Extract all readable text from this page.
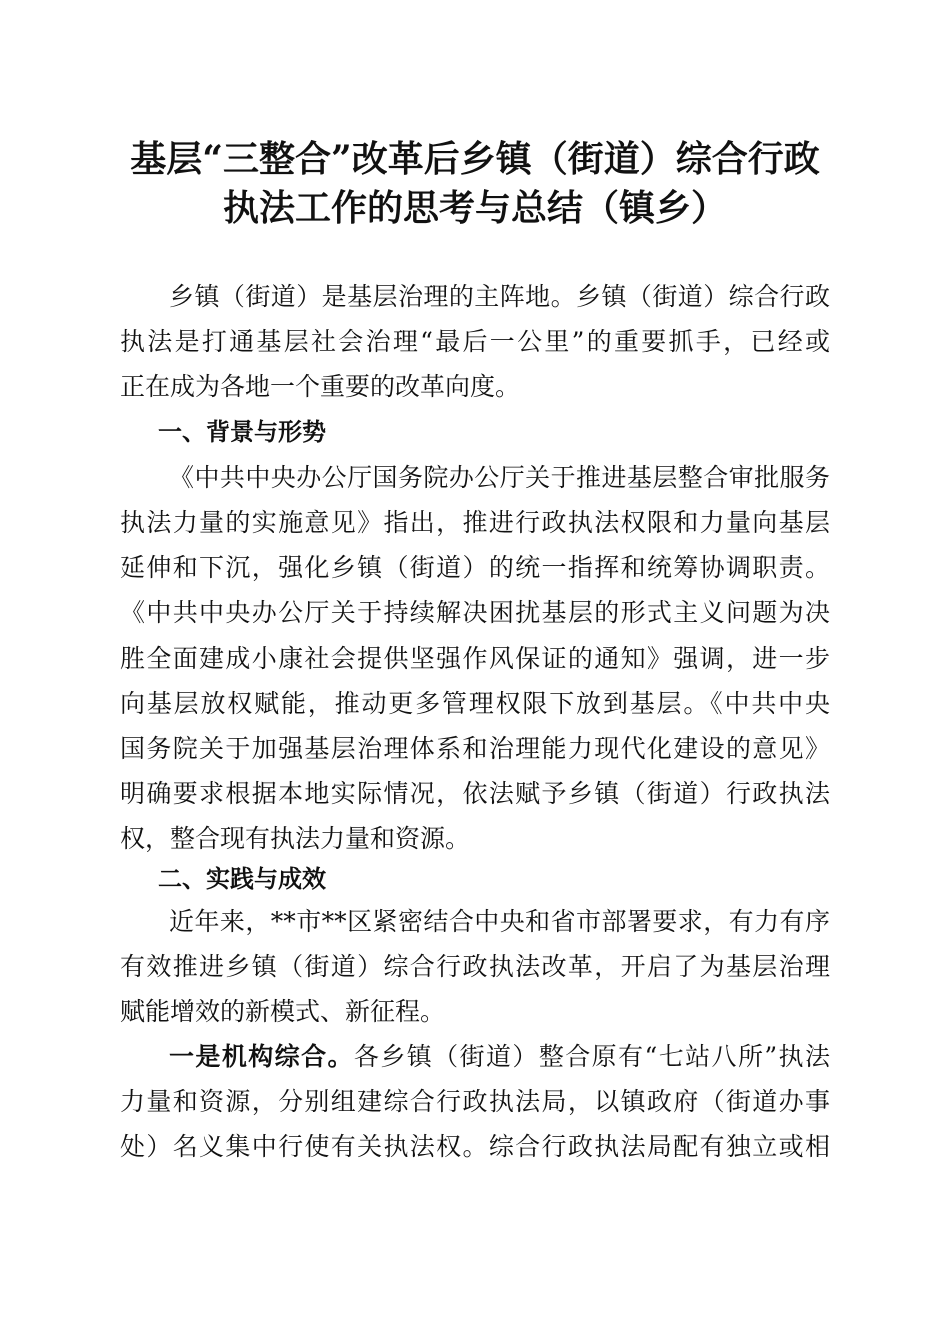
基层“三整合”改革后乡镇（街道）综合行政
执法工作的思考与总结（镇乡）
乡镇（街道）是基层治理的主阵地。乡镇（街道）综合行政
执法是打通基层社会治理“最后一公里”的重要抓手，已经或
正在成为各地一个重要的改革向度。
一、背景与形势
《中共中央办公厅国务院办公厅关于推进基层整合审批服务
执法力量的实施意见》指出，推进行政执法权限和力量向基层
延伸和下沉，强化乡镇（街道）的统一指挥和统筹协调职责。
《中共中央办公厅关于持续解决困扰基层的形式主义问题为决
胜全面建成小康社会提供坚强作风保证的通知》强调，进一步
向基层放权赋能，推动更多管理权限下放到基层。《中共中央
国务院关于加强基层治理体系和治理能力现代化建设的意见》
明确要求根据本地实际情况，依法赋予乡镇（街道）行政执法
权，整合现有执法力量和资源。
二、实践与成效
近年来，**市**区紧密结合中央和省市部署要求，有力有序
有效推进乡镇（街道）综合行政执法改革，开启了为基层治理
赋能增效的新模式、新征程。
一是机构综合。各乡镇（街道）整合原有“七站八所”执法
力量和资源，分别组建综合行政执法局，以镇政府（街道办事
处）名义集中行使有关执法权。综合行政执法局配有独立或相
